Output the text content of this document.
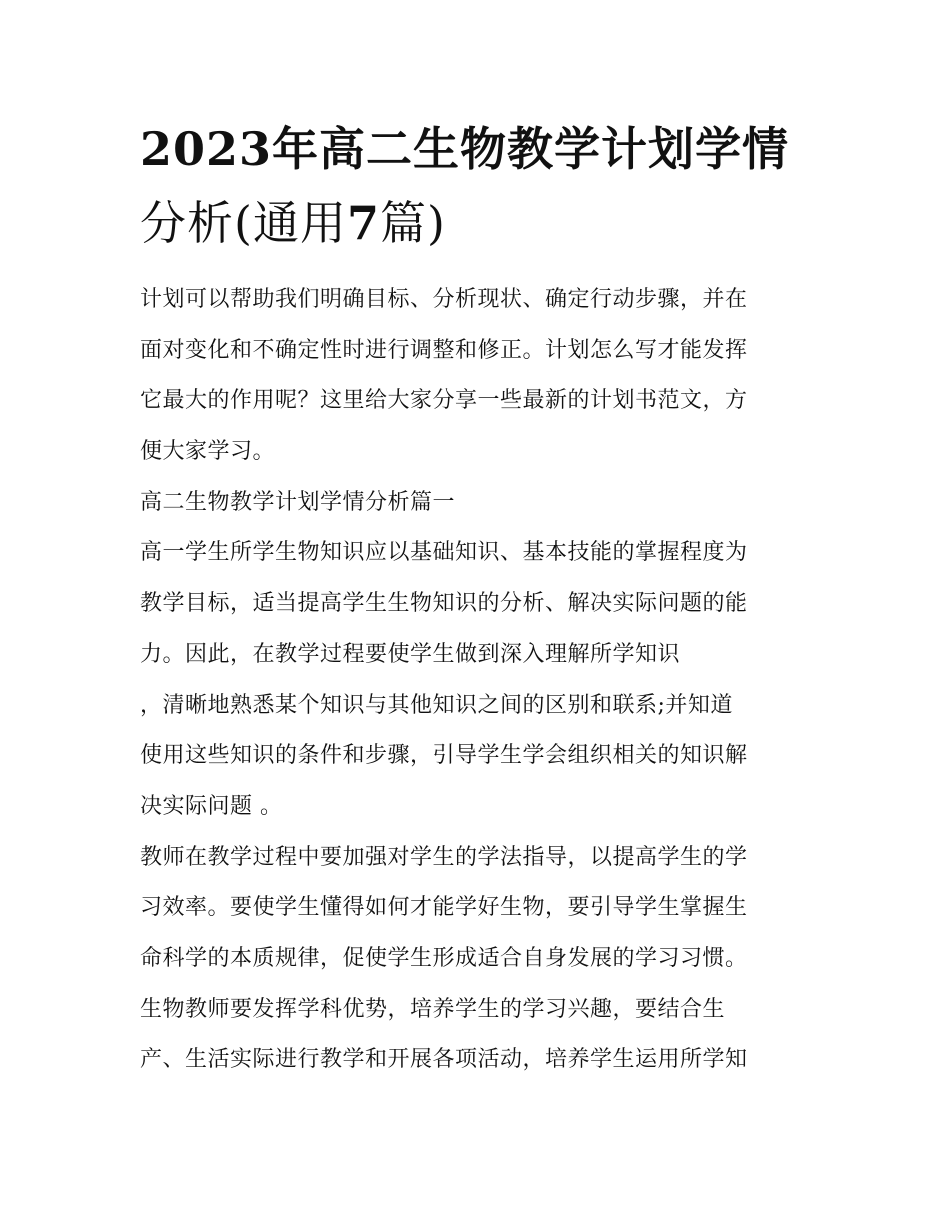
2023年高二生物教学计划学情
分析(通用7篇)
计划可以帮助我们明确目标、分析现状、确定行动步骤，并在
面对变化和不确定性时进行调整和修正。计划怎么写才能发挥
它最大的作用呢？这里给大家分享一些最新的计划书范文，方
便大家学习。
高二生物教学计划学情分析篇一
高一学生所学生物知识应以基础知识、基本技能的掌握程度为
教学目标，适当提高学生生物知识的分析、解决实际问题的能
力。因此，在教学过程要使学生做到深入理解所学知识
，清晰地熟悉某个知识与其他知识之间的区别和联系;并知道
使用这些知识的条件和步骤，引导学生学会组织相关的知识解
决实际问题 。
教师在教学过程中要加强对学生的学法指导，以提高学生的学
习效率。要使学生懂得如何才能学好生物，要引导学生掌握生
命科学的本质规律，促使学生形成适合自身发展的学习习惯。
生物教师要发挥学科优势，培养学生的学习兴趣，要结合生
产、生活实际进行教学和开展各项活动，培养学生运用所学知
